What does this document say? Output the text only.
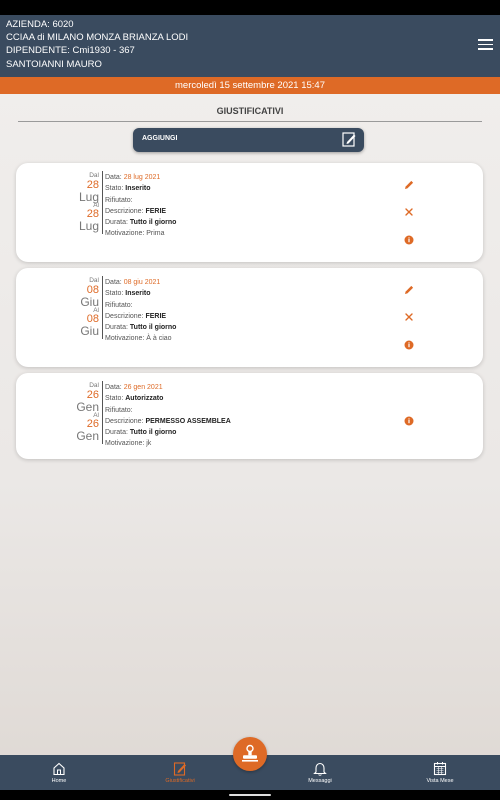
AZIENDA: 6020
CCIAA di MILANO MONZA BRIANZA LODI
DIPENDENTE: Cmi1930 - 367
SANTOIANNI MAURO
mercoledì 15 settembre 2021 15:47
GIUSTIFICATIVI
AGGIUNGI
Dal
28
Lug
Al
28
Lug
Data: 28 lug 2021
Stato: Inserito
Rifiutato:
Descrizione: FERIE
Durata: Tutto il giorno
Motivazione: Prima
Dal
08
Giu
Al
08
Giu
Data: 08 giu 2021
Stato: Inserito
Rifiutato:
Descrizione: FERIE
Durata: Tutto il giorno
Motivazione: À à ciao
Dal
26
Gen
Al
26
Gen
Data: 26 gen 2021
Stato: Autorizzato
Rifiutato:
Descrizione: PERMESSO ASSEMBLEA
Durata: Tutto il giorno
Motivazione: jk
Home	Giustificativi	Messaggi	Vista Mese
